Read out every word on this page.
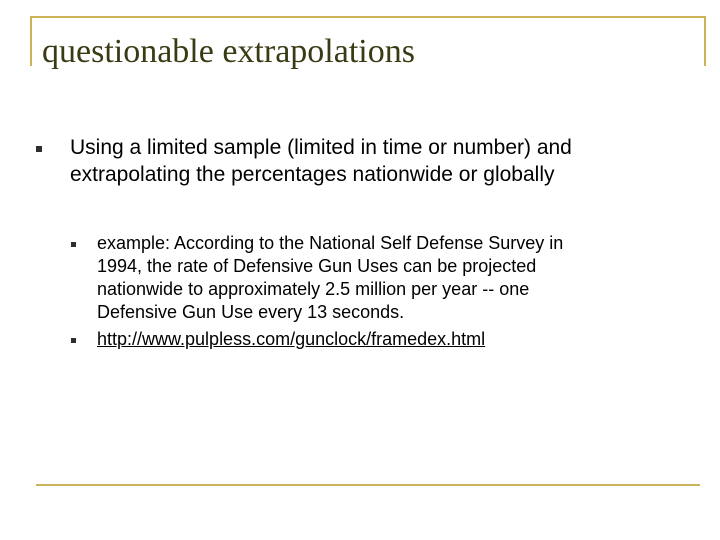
questionable extrapolations

Using a limited sample (limited in time or number) and extrapolating the percentages nationwide or globally

example: According to the National Self Defense Survey in 1994, the rate of Defensive Gun Uses can be projected nationwide to approximately 2.5 million per year -- one Defensive Gun Use every 13 seconds.
http://www.pulpless.com/gunclock/framedex.html
